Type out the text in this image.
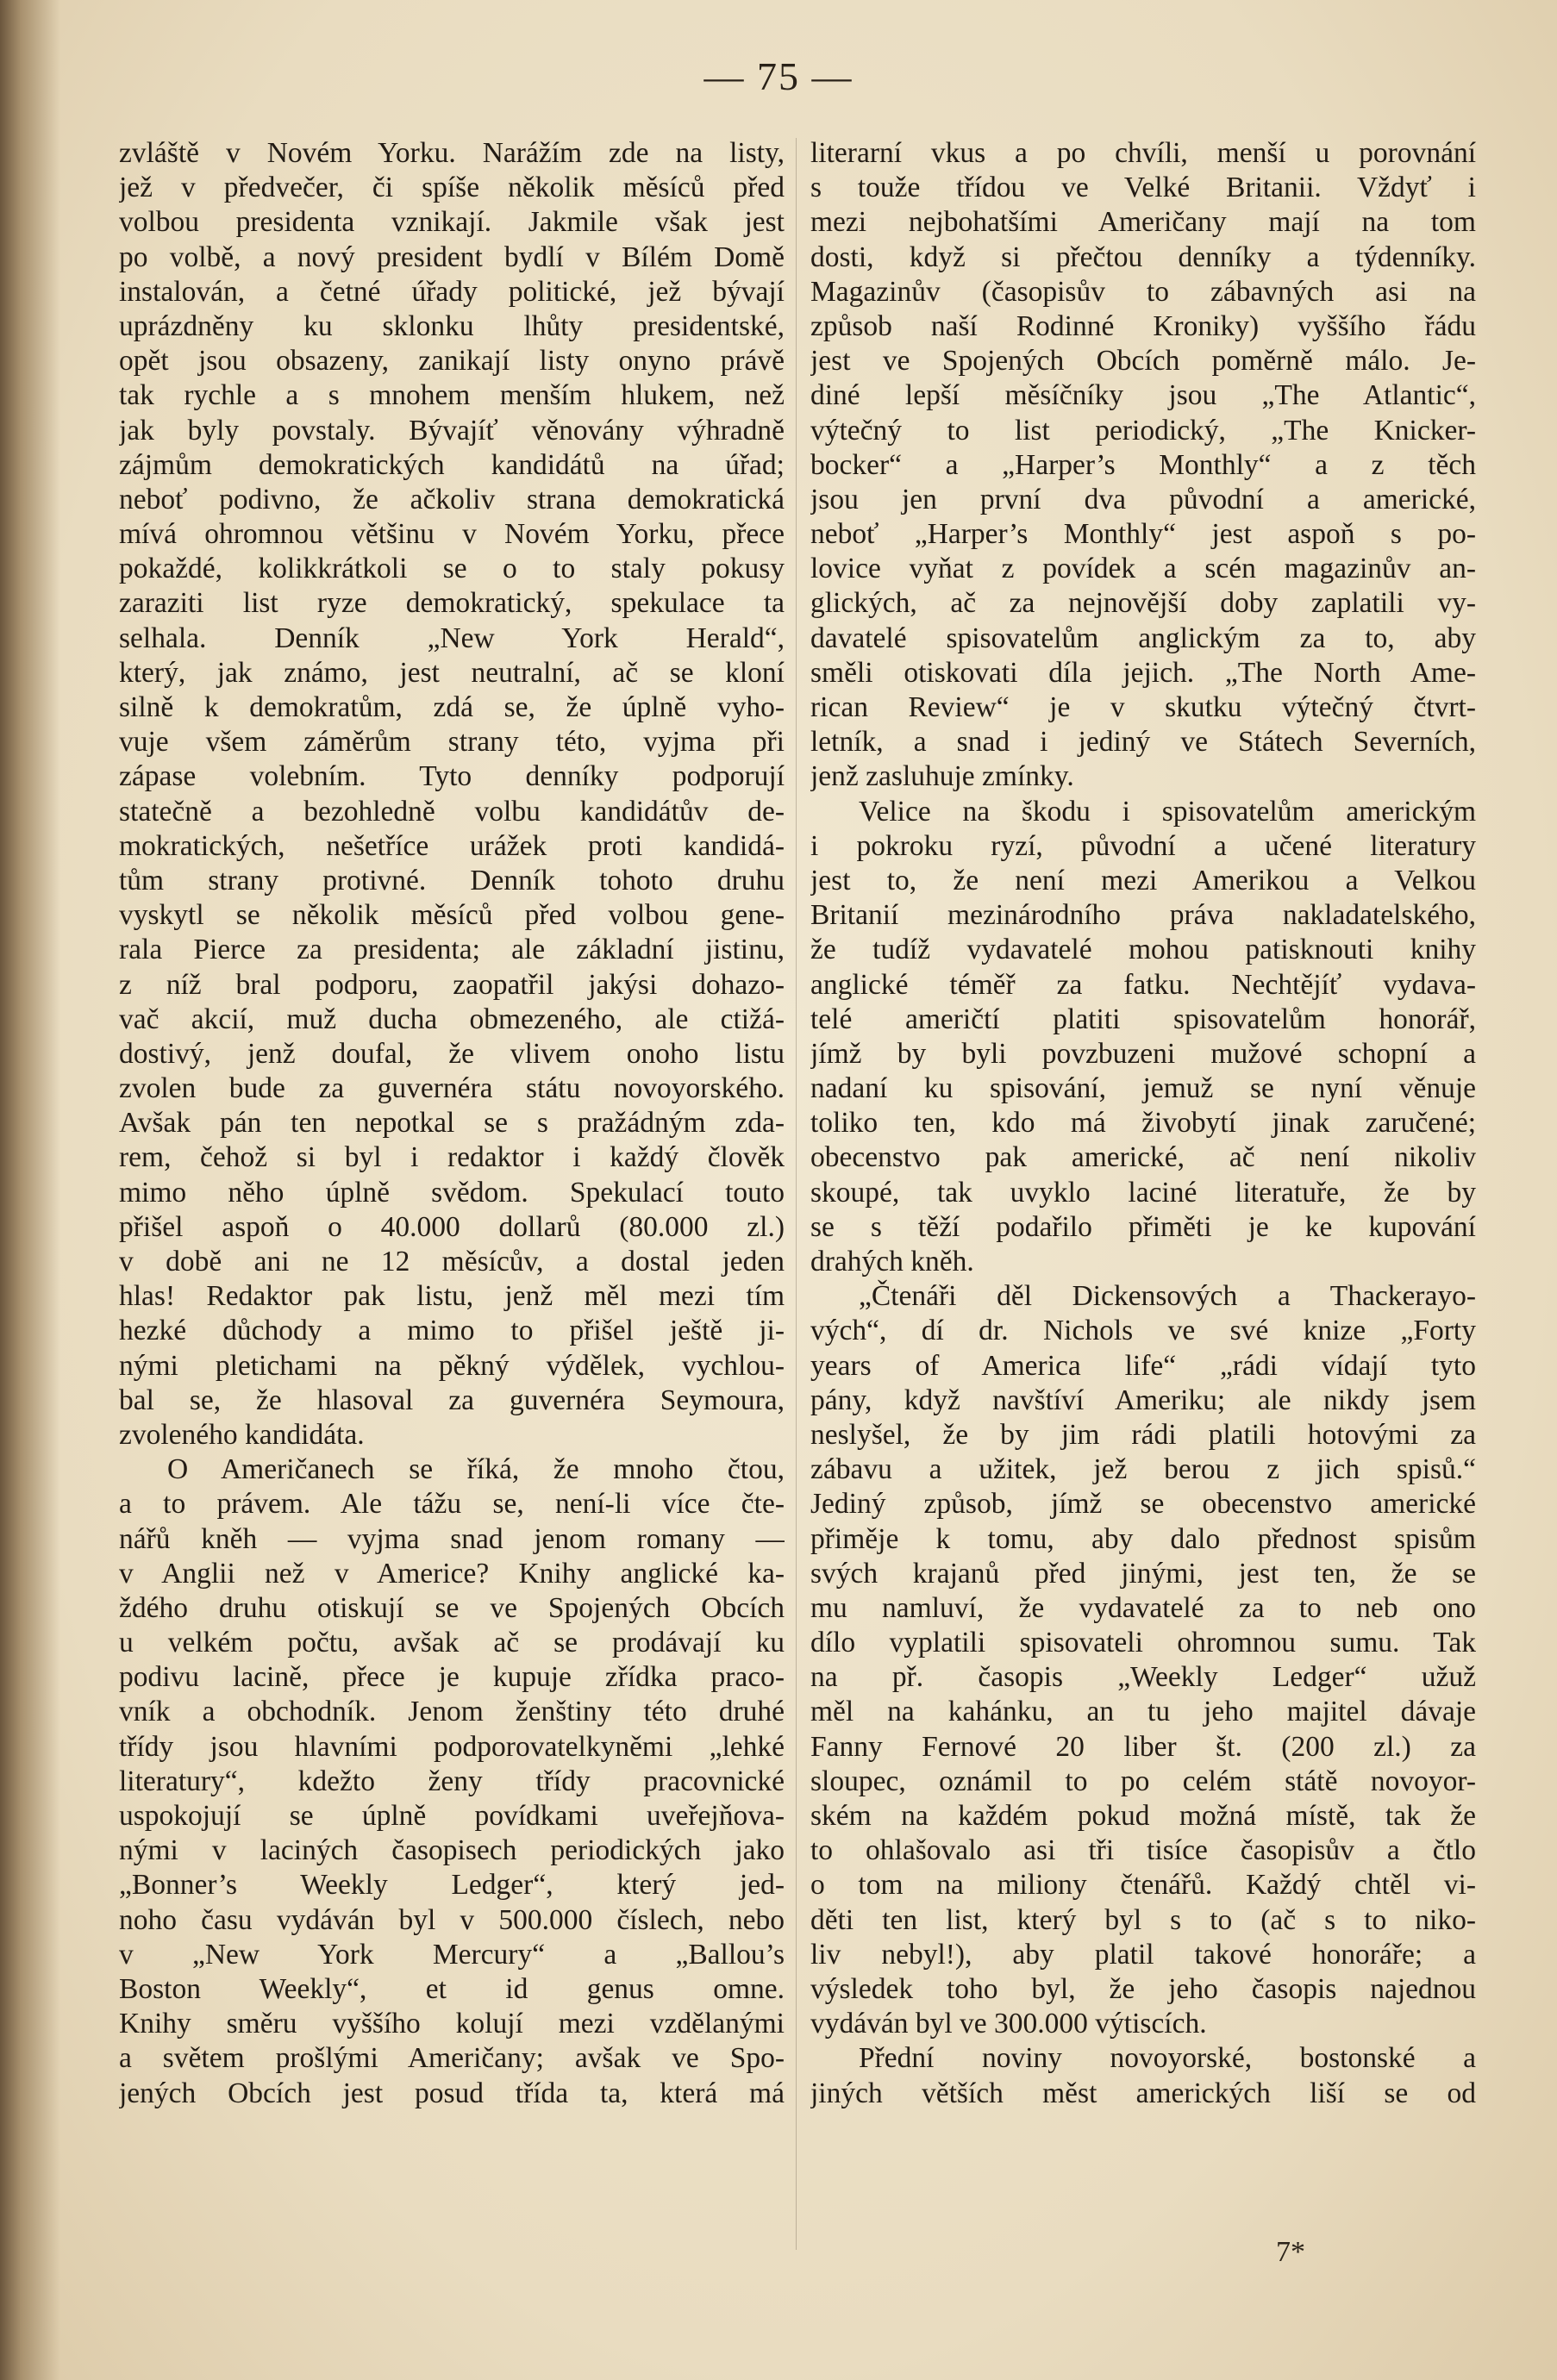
— 75 —
zvláště v Novém Yorku. Narážím zde na listy,
jež v předvečer, či spíše několik měsíců před
volbou presidenta vznikají. Jakmile však jest
po volbě, a nový president bydlí v Bílém Domě
instalován, a četné úřady politické, jež bývají
uprázdněny ku sklonku lhůty presidentské,
opět jsou obsazeny, zanikají listy onyno právě
tak rychle a s mnohem menším hlukem, než
jak byly povstaly. Bývajíť věnovány výhradně
zájmům demokratických kandidátů na úřad;
neboť podivno, že ačkoliv strana demokratická
mívá ohromnou většinu v Novém Yorku, přece
pokaždé, kolikkrátkoli se o to staly pokusy
zaraziti list ryze demokratický, spekulace ta
selhala. Denník „New York Herald“,
který, jak známo, jest neutralní, ač se kloní
silně k demokratům, zdá se, že úplně vyho-
vuje všem záměrům strany této, vyjma při
zápase volebním. Tyto denníky podporují
statečně a bezohledně volbu kandidátův de-
mokratických, nešetříce urážek proti kandidá-
tům strany protivné. Denník tohoto druhu
vyskytl se několik měsíců před volbou gene-
rala Pierce za presidenta; ale základní jistinu,
z níž bral podporu, zaopatřil jakýsi dohazo-
vač akcií, muž ducha obmezeného, ale ctižá-
dostivý, jenž doufal, že vlivem onoho listu
zvolen bude za guvernéra státu novoyorského.
Avšak pán ten nepotkal se s pražádným zda-
rem, čehož si byl i redaktor i každý člověk
mimo něho úplně svědom. Spekulací touto
přišel aspoň o 40.000 dollarů (80.000 zl.)
v době ani ne 12 měsícův, a dostal jeden
hlas! Redaktor pak listu, jenž měl mezi tím
hezké důchody a mimo to přišel ještě ji-
nými pletichami na pěkný výdělek, vychlou-
bal se, že hlasoval za guvernéra Seymoura,
zvoleného kandidáta.
O Američanech se říká, že mnoho čtou,
a to právem. Ale tážu se, není-li více čte-
nářů kněh — vyjma snad jenom romany —
v Anglii než v Americe? Knihy anglické ka-
ždého druhu otiskují se ve Spojených Obcích
u velkém počtu, avšak ač se prodávají ku
podivu lacině, přece je kupuje zřídka praco-
vník a obchodník. Jenom ženštiny této druhé
třídy jsou hlavními podporovatelkyněmi „lehké
literatury“, kdežto ženy třídy pracovnické
uspokojují se úplně povídkami uveřejňova-
nými v laciných časopisech periodických jako
„Bonner’s Weekly Ledger“, který jed-
noho času vydáván byl v 500.000 číslech, nebo
v „New York Mercury“ a „Ballou’s
Boston Weekly“, et id genus omne.
Knihy směru vyššího kolují mezi vzdělanými
a světem prošlými Američany; avšak ve Spo-
jených Obcích jest posud třída ta, která má
literarní vkus a po chvíli, menší u porovnání
s touže třídou ve Velké Britanii. Vždyť i
mezi nejbohatšími Američany mají na tom
dosti, když si přečtou denníky a týdenníky.
Magazinův (časopisův to zábavných asi na
způsob naší Rodinné Kroniky) vyššího řádu
jest ve Spojených Obcích poměrně málo. Je-
diné lepší měsíčníky jsou „The Atlantic“,
výtečný to list periodický, „The Knicker-
bocker“ a „Harper’s Monthly“ a z těch
jsou jen první dva původní a americké,
neboť „Harper’s Monthly“ jest aspoň s po-
lovice vyňat z povídek a scén magazinův an-
glických, ač za nejnovější doby zaplatili vy-
davatelé spisovatelům anglickým za to, aby
směli otiskovati díla jejich. „The North Ame-
rican Review“ je v skutku výtečný čtvrt-
letník, a snad i jediný ve Státech Severních,
jenž zasluhuje zmínky.
Velice na škodu i spisovatelům americkým
i pokroku ryzí, původní a učené literatury
jest to, že není mezi Amerikou a Velkou
Britanií mezinárodního práva nakladatelského,
že tudíž vydavatelé mohou patisknouti knihy
anglické téměř za fatku. Nechtějíť vydava-
telé američtí platiti spisovatelům honorář,
jímž by byli povzbuzeni mužové schopní a
nadaní ku spisování, jemuž se nyní věnuje
toliko ten, kdo má živobytí jinak zaručené;
obecenstvo pak americké, ač není nikoliv
skoupé, tak uvyklo laciné literatuře, že by
se s těží podařilo přiměti je ke kupování
drahých kněh.
„Čtenáři děl Dickensových a Thackerayo-
vých“, dí dr. Nichols ve své knize „Forty
years of America life“ „rádi vídají tyto
pány, když navštíví Ameriku; ale nikdy jsem
neslyšel, že by jim rádi platili hotovými za
zábavu a užitek, jež berou z jich spisů.“
Jediný způsob, jímž se obecenstvo americké
přiměje k tomu, aby dalo přednost spisům
svých krajanů před jinými, jest ten, že se
mu namluví, že vydavatelé za to neb ono
dílo vyplatili spisovateli ohromnou sumu. Tak
na př. časopis „Weekly Ledger“ užuž
měl na kahánku, an tu jeho majitel dávaje
Fanny Fernové 20 liber št. (200 zl.) za
sloupec, oznámil to po celém státě novoyor-
ském na každém pokud možná místě, tak že
to ohlašovalo asi tři tisíce časopisův a čtlo
o tom na miliony čtenářů. Každý chtěl vi-
děti ten list, který byl s to (ač s to niko-
liv nebyl!), aby platil takové honoráře; a
výsledek toho byl, že jeho časopis najednou
vydáván byl ve 300.000 výtiscích.
Přední noviny novoyorské, bostonské a
jiných větších měst amerických liší se od
7*
